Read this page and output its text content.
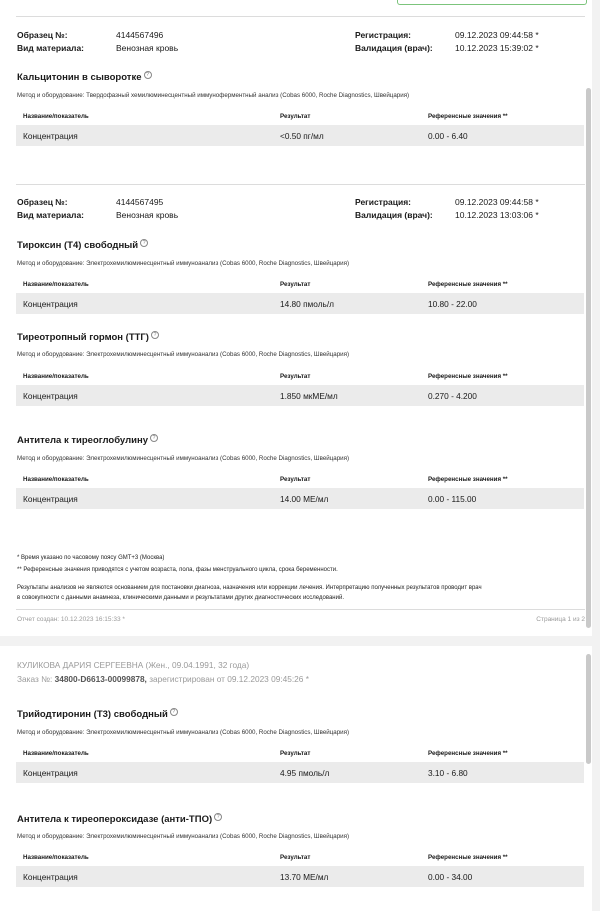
Образец №:	4144567496
Вид материала:	Венозная кровь
Регистрация:	09.12.2023 09:44:58 *
Валидация (врач):	10.12.2023 15:39:02 *
Кальцитонин в сыворотке ?
Метод и оборудование: Твердофазный хемилюминесцентный иммуноферментный анализ (Cobas 6000, Roche Diagnostics, Швейцария)
Название/показатель	Результат	Референсные значения **
Концентрация	<0.50 пг/мл	0.00 - 6.40
Образец №:	4144567495
Вид материала:	Венозная кровь
Регистрация:	09.12.2023 09:44:58 *
Валидация (врач):	10.12.2023 13:03:06 *
Тироксин (Т4) свободный ?
Метод и оборудование: Электрохемилюминесцентный иммуноанализ (Cobas 6000, Roche Diagnostics, Швейцария)
Название/показатель	Результат	Референсные значения **
Концентрация	14.80 пмоль/л	10.80 - 22.00
Тиреотропный гормон (ТТГ) ?
Метод и оборудование: Электрохемилюминесцентный иммуноанализ (Cobas 6000, Roche Diagnostics, Швейцария)
Название/показатель	Результат	Референсные значения **
Концентрация	1.850 мкМЕ/мл	0.270 - 4.200
Антитела к тиреоглобулину ?
Метод и оборудование: Электрохемилюминесцентный иммуноанализ (Cobas 6000, Roche Diagnostics, Швейцария)
Название/показатель	Результат	Референсные значения **
Концентрация	14.00 МЕ/мл	0.00 - 115.00
* Время указано по часовому поясу GMT+3 (Москва)
** Референсные значения приводятся с учетом возраста, пола, фазы менструального цикла, срока беременности.
Результаты анализов не являются основанием для постановки диагноза, назначения или коррекции лечения. Интерпретацию полученных результатов проводит врач
в совокупности с данными анамнеза, клиническими данными и результатами других диагностических исследований.
Отчет создан: 10.12.2023 16:15:33 *	Страница 1 из 2
КУЛИКОВА ДАРИЯ СЕРГЕЕВНА (Жен., 09.04.1991, 32 года)
Заказ №: 34800-D6613-00099878, зарегистрирован от 09.12.2023 09:45:26 *
Трийодтиронин (Т3) свободный ?
Метод и оборудование: Электрохемилюминесцентный иммуноанализ (Cobas 6000, Roche Diagnostics, Швейцария)
Название/показатель	Результат	Референсные значения **
Концентрация	4.95 пмоль/л	3.10 - 6.80
Антитела к тиреопероксидазе (анти-ТПО) ?
Метод и оборудование: Электрохемилюминесцентный иммуноанализ (Cobas 6000, Roche Diagnostics, Швейцария)
Название/показатель	Результат	Референсные значения **
Концентрация	13.70 МЕ/мл	0.00 - 34.00
